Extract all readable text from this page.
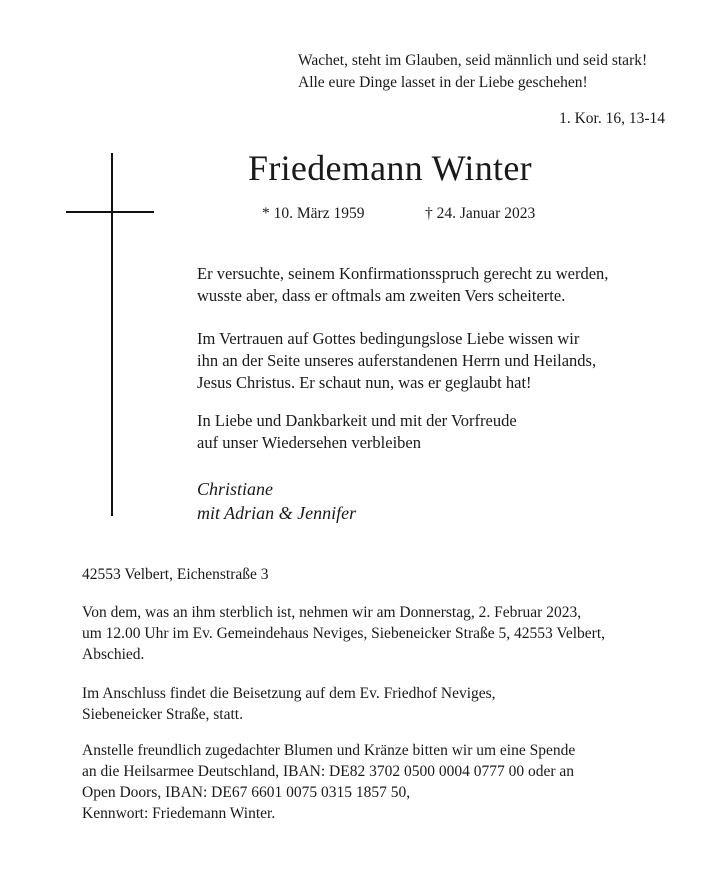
Wachet, steht im Glauben, seid männlich und seid stark!
Alle eure Dinge lasset in der Liebe geschehen!
1. Kor. 16, 13-14
Friedemann Winter
* 10. März 1959	† 24. Januar 2023
Er versuchte, seinem Konfirmationsspruch gerecht zu werden,
wusste aber, dass er oftmals am zweiten Vers scheiterte.
Im Vertrauen auf Gottes bedingungslose Liebe wissen wir
ihn an der Seite unseres auferstandenen Herrn und Heilands,
Jesus Christus. Er schaut nun, was er geglaubt hat!
In Liebe und Dankbarkeit und mit der Vorfreude
auf unser Wiedersehen verbleiben
Christiane
mit Adrian & Jennifer
42553 Velbert, Eichenstraße 3
Von dem, was an ihm sterblich ist, nehmen wir am Donnerstag, 2. Februar 2023,
um 12.00 Uhr im Ev. Gemeindehaus Neviges, Siebeneicker Straße 5, 42553 Velbert,
Abschied.
Im Anschluss findet die Beisetzung auf dem Ev. Friedhof Neviges,
Siebeneicker Straße, statt.
Anstelle freundlich zugedachter Blumen und Kränze bitten wir um eine Spende
an die Heilsarmee Deutschland, IBAN: DE82 3702 0500 0004 0777 00 oder an
Open Doors, IBAN: DE67 6601 0075 0315 1857 50,
Kennwort: Friedemann Winter.
